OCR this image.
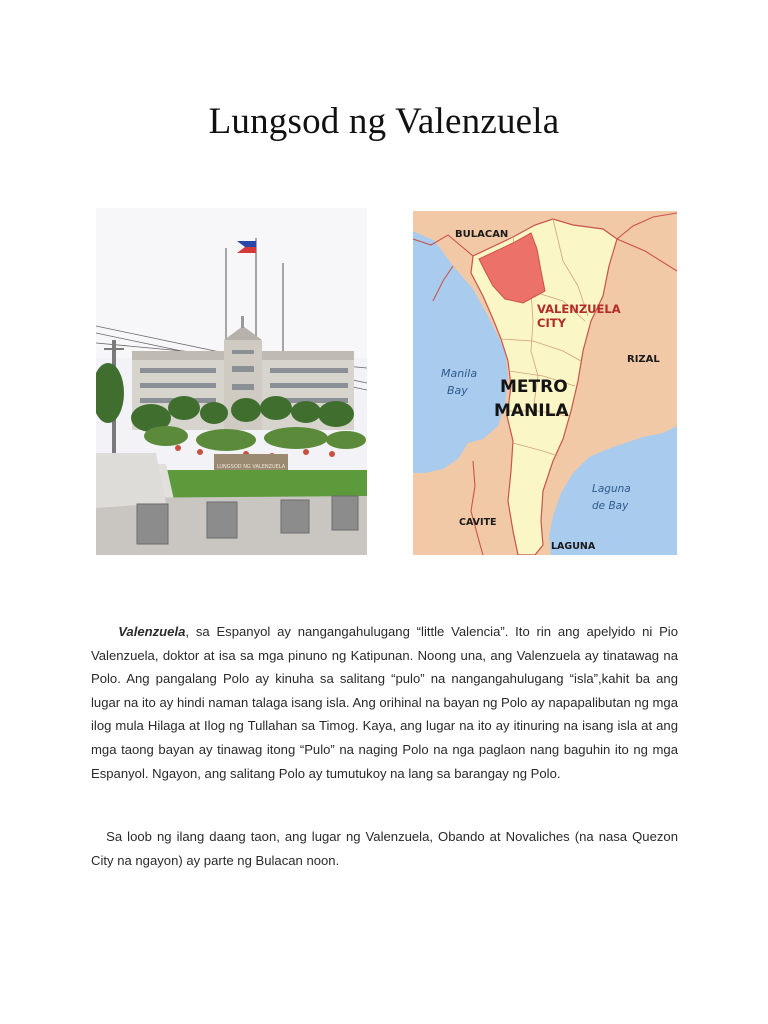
Lungsod ng Valenzuela
LUNGSOD NG VALENZUELA
BULACAN
VALENZUELA
CITY
RIZAL
Manila
Bay METRO
MANILA
Laguna
de Bay
CAVITE
LAGUNA

Valenzuela, sa Espanyol ay nangangahulugang “little Valencia”. Ito rin ang apelyido ni Pio Valenzuela, doktor at isa sa mga pinuno ng Katipunan. Noong una, ang Valenzuela ay tinatawag na Polo. Ang pangalang Polo ay kinuha sa salitang “pulo” na nangangahulugang “isla”,kahit ba ang lugar na ito ay hindi naman talaga isang isla. Ang orihinal na bayan ng Polo ay napapalibutan ng mga ilog mula Hilaga at Ilog ng Tullahan sa Timog. Kaya, ang lugar na ito ay itinuring na isang isla at ang mga taong bayan ay tinawag itong “Pulo” na naging Polo na nga paglaon nang baguhin ito ng mga Espanyol. Ngayon, ang salitang Polo ay tumutukoy na lang sa barangay ng Polo.

Sa loob ng ilang daang taon, ang lugar ng Valenzuela, Obando at Novaliches (na nasa Quezon City na ngayon) ay parte ng Bulacan noon.
